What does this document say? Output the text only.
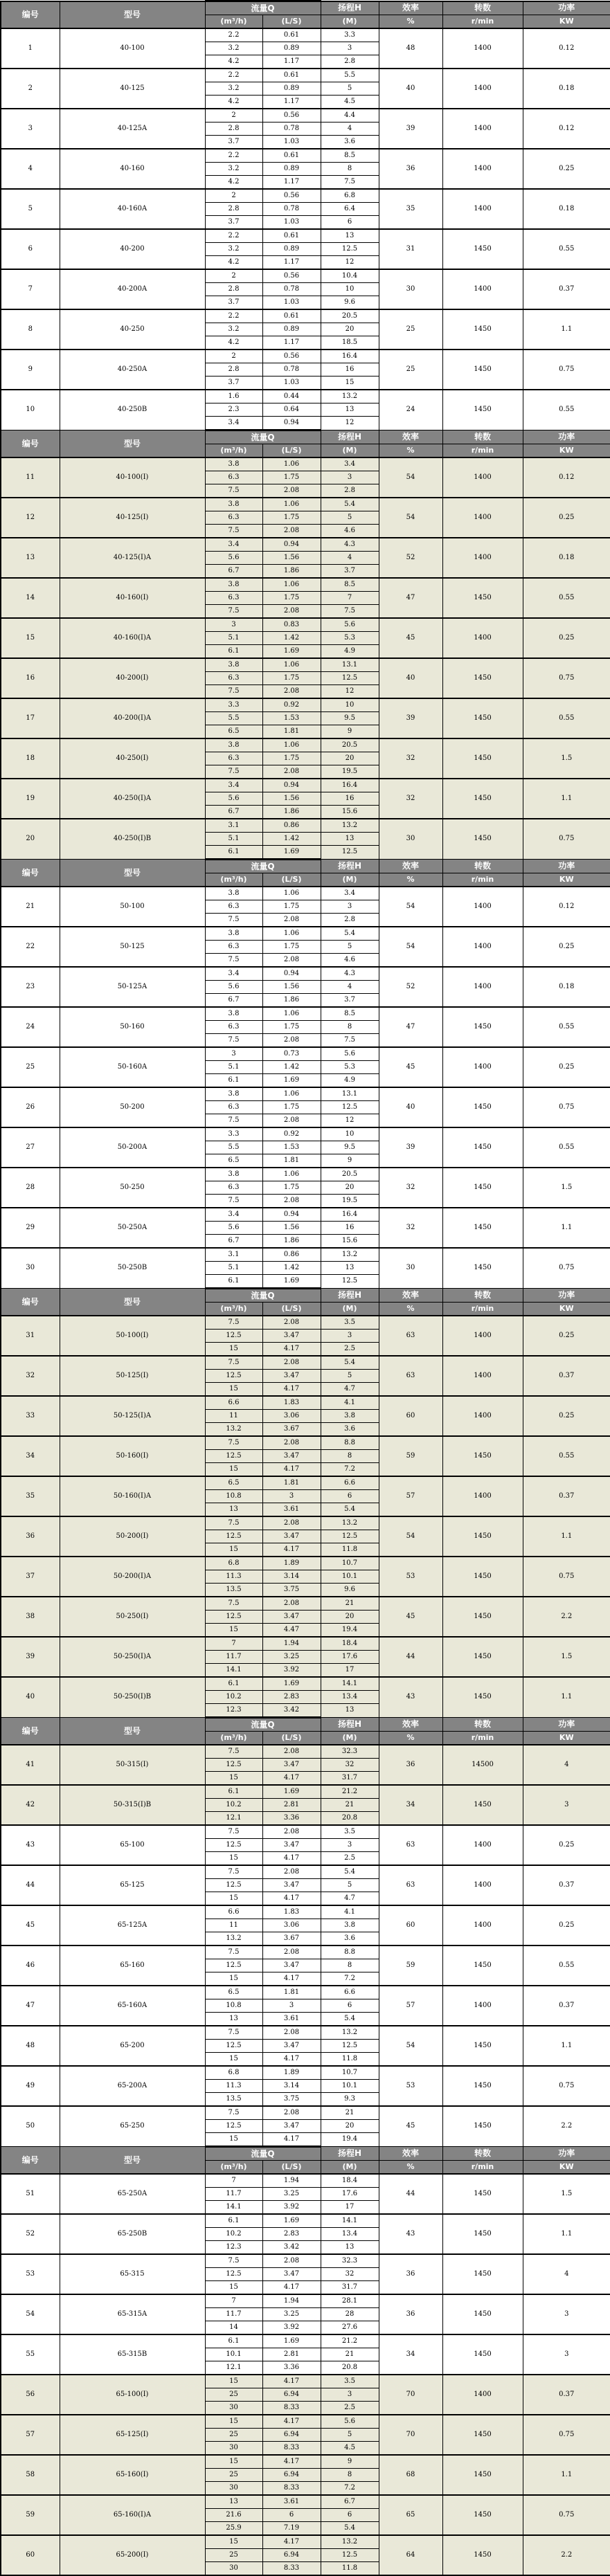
编号	型号	流量Q		扬程H	效率	转数	功率
		(m³/h)	(L/S)	(M)	%	r/min	KW
1	40-100	2.2	0.61	3.3	48	1400	0.12
		3.2	0.89	3			
		4.2	1.17	2.8			
2	40-125	2.2	0.61	5.5	40	1400	0.18
		3.2	0.89	5			
		4.2	1.17	4.5			
3	40-125A	2	0.56	4.4	39	1400	0.12
		2.8	0.78	4			
		3.7	1.03	3.6			
4	40-160	2.2	0.61	8.5	36	1400	0.25
		3.2	0.89	8			
		4.2	1.17	7.5			
5	40-160A	2	0.56	6.8	35	1400	0.18
		2.8	0.78	6.4			
		3.7	1.03	6			
6	40-200	2.2	0.61	13	31	1450	0.55
		3.2	0.89	12.5			
		4.2	1.17	12			
7	40-200A	2	0.56	10.4	30	1400	0.37
		2.8	0.78	10			
		3.7	1.03	9.6			
8	40-250	2.2	0.61	20.5	25	1450	1.1
		3.2	0.89	20			
		4.2	1.17	18.5			
9	40-250A	2	0.56	16.4	25	1450	0.75
		2.8	0.78	16			
		3.7	1.03	15			
10	40-250B	1.6	0.44	13.2	24	1450	0.55
		2.3	0.64	13			
		3.4	0.94	12			
编号	型号	流量Q		扬程H	效率	转数	功率
		(m³/h)	(L/S)	(M)	%	r/min	KW
11	40-100(Ⅰ)	3.8	1.06	3.4	54	1400	0.12
		6.3	1.75	3			
		7.5	2.08	2.8			
12	40-125(Ⅰ)	3.8	1.06	5.4	54	1400	0.25
		6.3	1.75	5			
		7.5	2.08	4.6			
13	40-125(Ⅰ)A	3.4	0.94	4.3	52	1400	0.18
		5.6	1.56	4			
		6.7	1.86	3.7			
14	40-160(Ⅰ)	3.8	1.06	8.5	47	1450	0.55
		6.3	1.75	7			
		7.5	2.08	7.5			
15	40-160(Ⅰ)A	3	0.83	5.6	45	1400	0.25
		5.1	1.42	5.3			
		6.1	1.69	4.9			
16	40-200(Ⅰ)	3.8	1.06	13.1	40	1450	0.75
		6.3	1.75	12.5			
		7.5	2.08	12			
17	40-200(Ⅰ)A	3.3	0.92	10	39	1450	0.55
		5.5	1.53	9.5			
		6.5	1.81	9			
18	40-250(Ⅰ)	3.8	1.06	20.5	32	1450	1.5
		6.3	1.75	20			
		7.5	2.08	19.5			
19	40-250(Ⅰ)A	3.4	0.94	16.4	32	1450	1.1
		5.6	1.56	16			
		6.7	1.86	15.6			
20	40-250(Ⅰ)B	3.1	0.86	13.2	30	1450	0.75
		5.1	1.42	13			
		6.1	1.69	12.5			
编号	型号	流量Q		扬程H	效率	转数	功率
		(m³/h)	(L/S)	(M)	%	r/min	KW
21	50-100	3.8	1.06	3.4	54	1400	0.12
		6.3	1.75	3			
		7.5	2.08	2.8			
22	50-125	3.8	1.06	5.4	54	1400	0.25
		6.3	1.75	5			
		7.5	2.08	4.6			
23	50-125A	3.4	0.94	4.3	52	1400	0.18
		5.6	1.56	4			
		6.7	1.86	3.7			
24	50-160	3.8	1.06	8.5	47	1450	0.55
		6.3	1.75	8			
		7.5	2.08	7.5			
25	50-160A	3	0.73	5.6	45	1400	0.25
		5.1	1.42	5.3			
		6.1	1.69	4.9			
26	50-200	3.8	1.06	13.1	40	1450	0.75
		6.3	1.75	12.5			
		7.5	2.08	12			
27	50-200A	3.3	0.92	10	39	1450	0.55
		5.5	1.53	9.5			
		6.5	1.81	9			
28	50-250	3.8	1.06	20.5	32	1450	1.5
		6.3	1.75	20			
		7.5	2.08	19.5			
29	50-250A	3.4	0.94	16.4	32	1450	1.1
		5.6	1.56	16			
		6.7	1.86	15.6			
30	50-250B	3.1	0.86	13.2	30	1450	0.75
		5.1	1.42	13			
		6.1	1.69	12.5			
编号	型号	流量Q		扬程H	效率	转数	功率
		(m³/h)	(L/S)	(M)	%	r/min	KW
31	50-100(Ⅰ)	7.5	2.08	3.5	63	1400	0.25
		12.5	3.47	3			
		15	4.17	2.5			
32	50-125(Ⅰ)	7.5	2.08	5.4	63	1400	0.37
		12.5	3.47	5			
		15	4.17	4.7			
33	50-125(Ⅰ)A	6.6	1.83	4.1	60	1400	0.25
		11	3.06	3.8			
		13.2	3.67	3.6			
34	50-160(Ⅰ)	7.5	2.08	8.8	59	1450	0.55
		12.5	3.47	8			
		15	4.17	7.2			
35	50-160(Ⅰ)A	6.5	1.81	6.6	57	1400	0.37
		10.8	3	6			
		13	3.61	5.4			
36	50-200(Ⅰ)	7.5	2.08	13.2	54	1450	1.1
		12.5	3.47	12.5			
		15	4.17	11.8			
37	50-200(Ⅰ)A	6.8	1.89	10.7	53	1450	0.75
		11.3	3.14	10.1			
		13.5	3.75	9.6			
38	50-250(Ⅰ)	7.5	2.08	21	45	1450	2.2
		12.5	3.47	20			
		15	4.47	19.4			
39	50-250(Ⅰ)A	7	1.94	18.4	44	1450	1.5
		11.7	3.25	17.6			
		14.1	3.92	17			
40	50-250(Ⅰ)B	6.1	1.69	14.1	43	1450	1.1
		10.2	2.83	13.4			
		12.3	3.42	13			
编号	型号	流量Q		扬程H	效率	转数	功率
		(m³/h)	(L/S)	(M)	%	r/min	KW
41	50-315(Ⅰ)	7.5	2.08	32.3	36	14500	4
		12.5	3.47	32			
		15	4.17	31.7			
42	50-315(Ⅰ)B	6.1	1.69	21.2	34	1450	3
		10.2	2.81	21			
		12.1	3.36	20.8			
43	65-100	7.5	2.08	3.5	63	1400	0.25
		12.5	3.47	3			
		15	4.17	2.5			
44	65-125	7.5	2.08	5.4	63	1400	0.37
		12.5	3.47	5			
		15	4.17	4.7			
45	65-125A	6.6	1.83	4.1	60	1400	0.25
		11	3.06	3.8			
		13.2	3.67	3.6			
46	65-160	7.5	2.08	8.8	59	1450	0.55
		12.5	3.47	8			
		15	4.17	7.2			
47	65-160A	6.5	1.81	6.6	57	1400	0.37
		10.8	3	6			
		13	3.61	5.4			
48	65-200	7.5	2.08	13.2	54	1450	1.1
		12.5	3.47	12.5			
		15	4.17	11.8			
49	65-200A	6.8	1.89	10.7	53	1450	0.75
		11.3	3.14	10.1			
		13.5	3.75	9.3			
50	65-250	7.5	2.08	21	45	1450	2.2
		12.5	3.47	20			
		15	4.17	19.4			
编号	型号	流量Q		扬程H	效率	转数	功率
		(m³/h)	(L/S)	(M)	%	r/min	KW
51	65-250A	7	1.94	18.4	44	1450	1.5
		11.7	3.25	17.6			
		14.1	3.92	17			
52	65-250B	6.1	1.69	14.1	43	1450	1.1
		10.2	2.83	13.4			
		12.3	3.42	13			
53	65-315	7.5	2.08	32.3	36	1450	4
		12.5	3.47	32			
		15	4.17	31.7			
54	65-315A	7	1.94	28.1	36	1450	3
		11.7	3.25	28			
		14	3.92	27.6			
55	65-315B	6.1	1.69	21.2	34	1450	3
		10.1	2.81	21			
		12.1	3.36	20.8			
56	65-100(Ⅰ)	15	4.17	3.5	70	1400	0.37
		25	6.94	3			
		30	8.33	2.5			
57	65-125(Ⅰ)	15	4.17	5.6	70	1450	0.75
		25	6.94	5			
		30	8.33	4.5			
58	65-160(Ⅰ)	15	4.17	9	68	1450	1.1
		25	6.94	8			
		30	8.33	7.2			
59	65-160(Ⅰ)A	13	3.61	6.7	65	1450	0.75
		21.6	6	6			
		25.9	7.19	5.4			
60	65-200(Ⅰ)	15	4.17	13.2	64	1450	2.2
		25	6.94	12.5			
		30	8.33	11.8			
